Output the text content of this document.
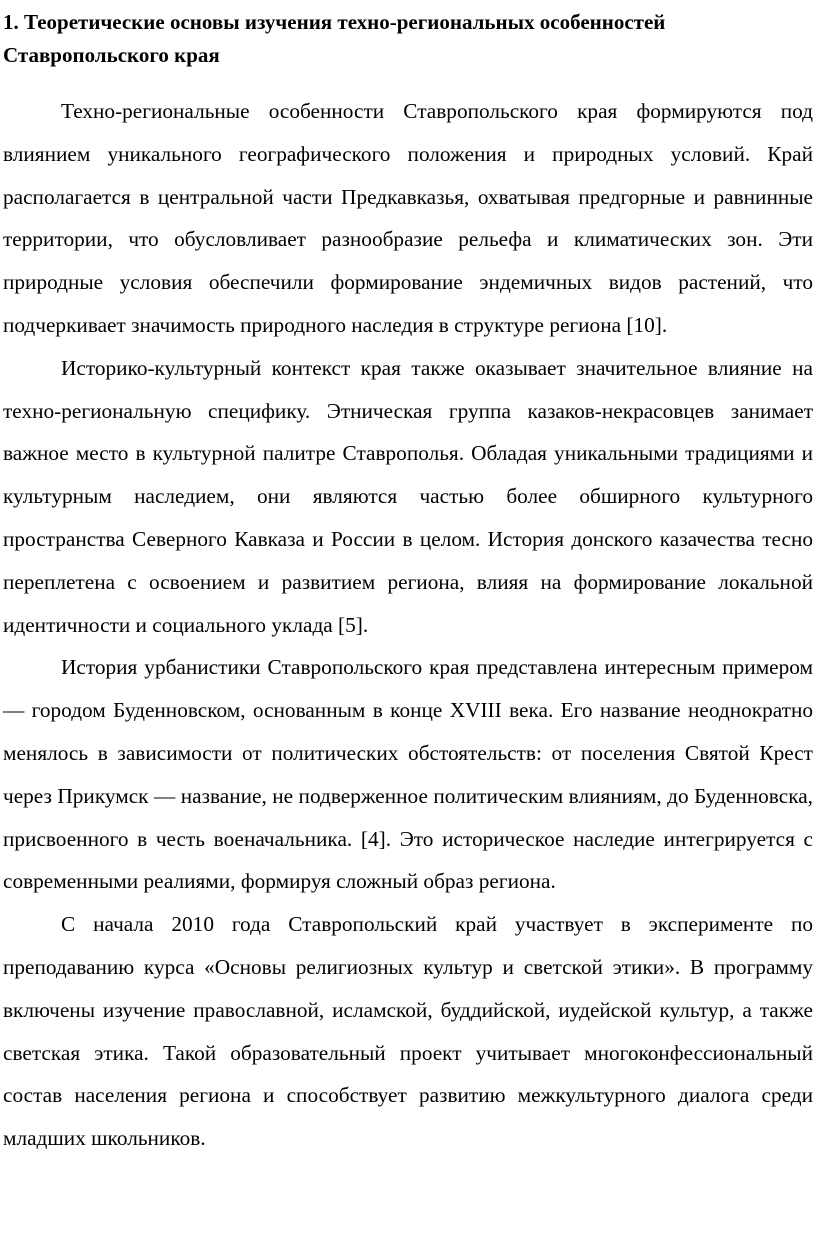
1. Теоретические основы изучения техно-региональных особенностей Ставропольского края

Техно-региональные особенности Ставропольского края формируются под влиянием уникального географического положения и природных условий. Край располагается в центральной части Предкавказья, охватывая предгорные и равнинные территории, что обусловливает разнообразие рельефа и климатических зон. Эти природные условия обеспечили формирование эндемичных видов растений, что подчеркивает значимость природного наследия в структуре региона [10].

Историко-культурный контекст края также оказывает значительное влияние на техно-региональную специфику. Этническая группа казаков-некрасовцев занимает важное место в культурной палитре Ставрополья. Обладая уникальными традициями и культурным наследием, они являются частью более обширного культурного пространства Северного Кавказа и России в целом. История донского казачества тесно переплетена с освоением и развитием региона, влияя на формирование локальной идентичности и социального уклада [5].

История урбанистики Ставропольского края представлена интересным примером — городом Буденновском, основанным в конце XVIII века. Его название неоднократно менялось в зависимости от политических обстоятельств: от поселения Святой Крест через Прикумск — название, не подверженное политическим влияниям, до Буденновска, присвоенного в честь военачальника. [4]. Это историческое наследие интегрируется с современными реалиями, формируя сложный образ региона.

С начала 2010 года Ставропольский край участвует в эксперименте по преподаванию курса «Основы религиозных культур и светской этики». В программу включены изучение православной, исламской, буддийской, иудейской культур, а также светская этика. Такой образовательный проект учитывает многоконфессиональный состав населения региона и способствует развитию межкультурного диалога среди младших школьников.
